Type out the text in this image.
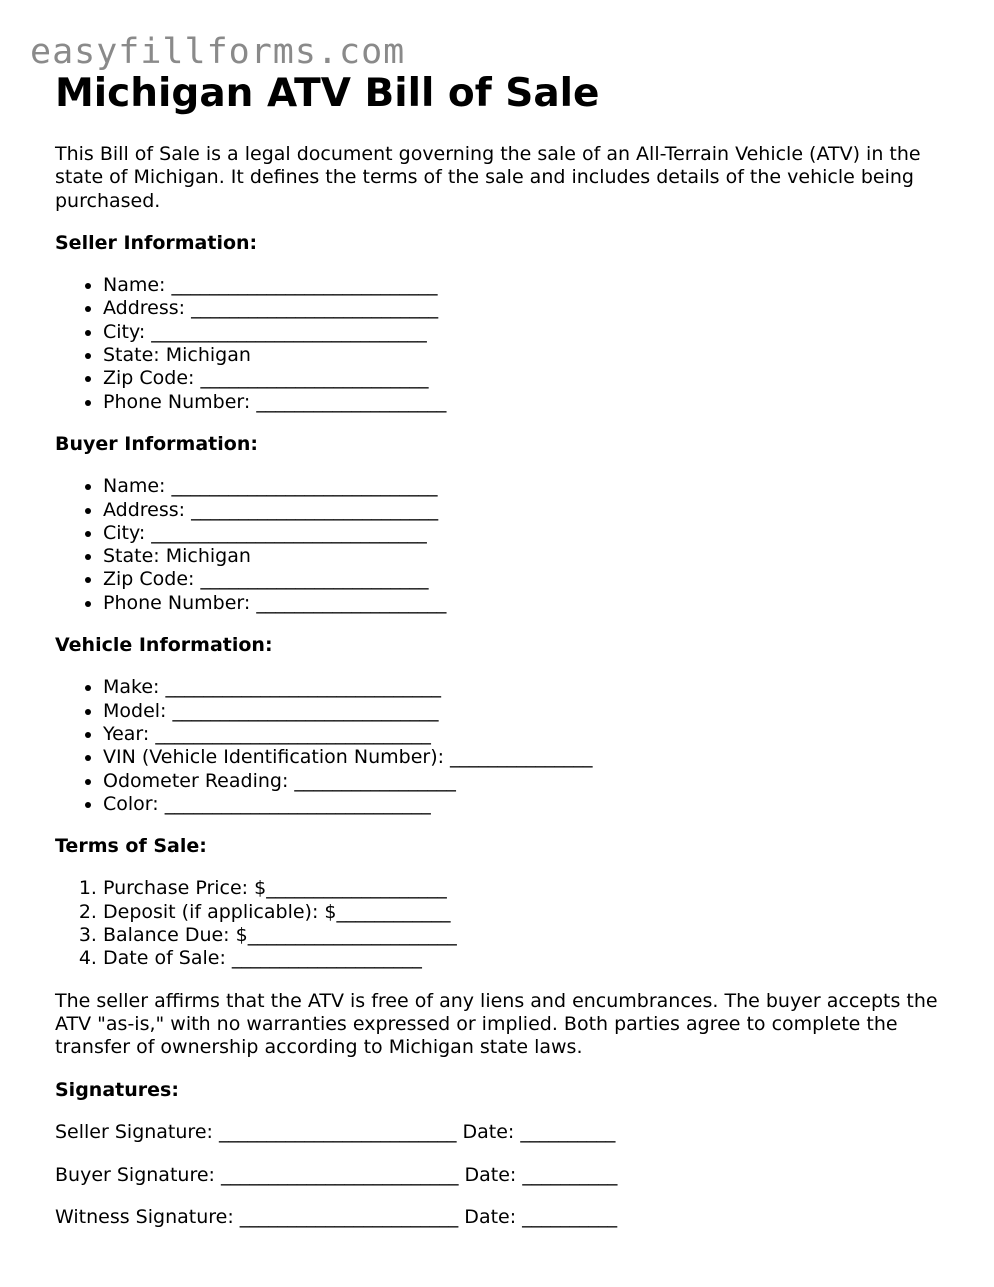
easyfillforms.com
Michigan ATV Bill of Sale

This Bill of Sale is a legal document governing the sale of an All-Terrain Vehicle (ATV) in the state of Michigan. It defines the terms of the sale and includes details of the vehicle being purchased.

Seller Information:
• Name: ____________________________
• Address: __________________________
• City: _____________________________
• State: Michigan
• Zip Code: ________________________
• Phone Number: ____________________
Buyer Information:
• Name: ____________________________
• Address: __________________________
• City: _____________________________
• State: Michigan
• Zip Code: ________________________
• Phone Number: ____________________
Vehicle Information:
• Make: _____________________________
• Model: ____________________________
• Year: _____________________________
• VIN (Vehicle Identification Number): _______________
• Odometer Reading: _________________
• Color: ____________________________
Terms of Sale:
1. Purchase Price: $___________________
2. Deposit (if applicable): $____________
3. Balance Due: $______________________
4. Date of Sale: ____________________

The seller affirms that the ATV is free of any liens and encumbrances. The buyer accepts the ATV "as-is," with no warranties expressed or implied. Both parties agree to complete the transfer of ownership according to Michigan state laws.

Signatures:

Seller Signature: _________________________ Date: __________

Buyer Signature: _________________________ Date: __________

Witness Signature: _______________________ Date: __________
